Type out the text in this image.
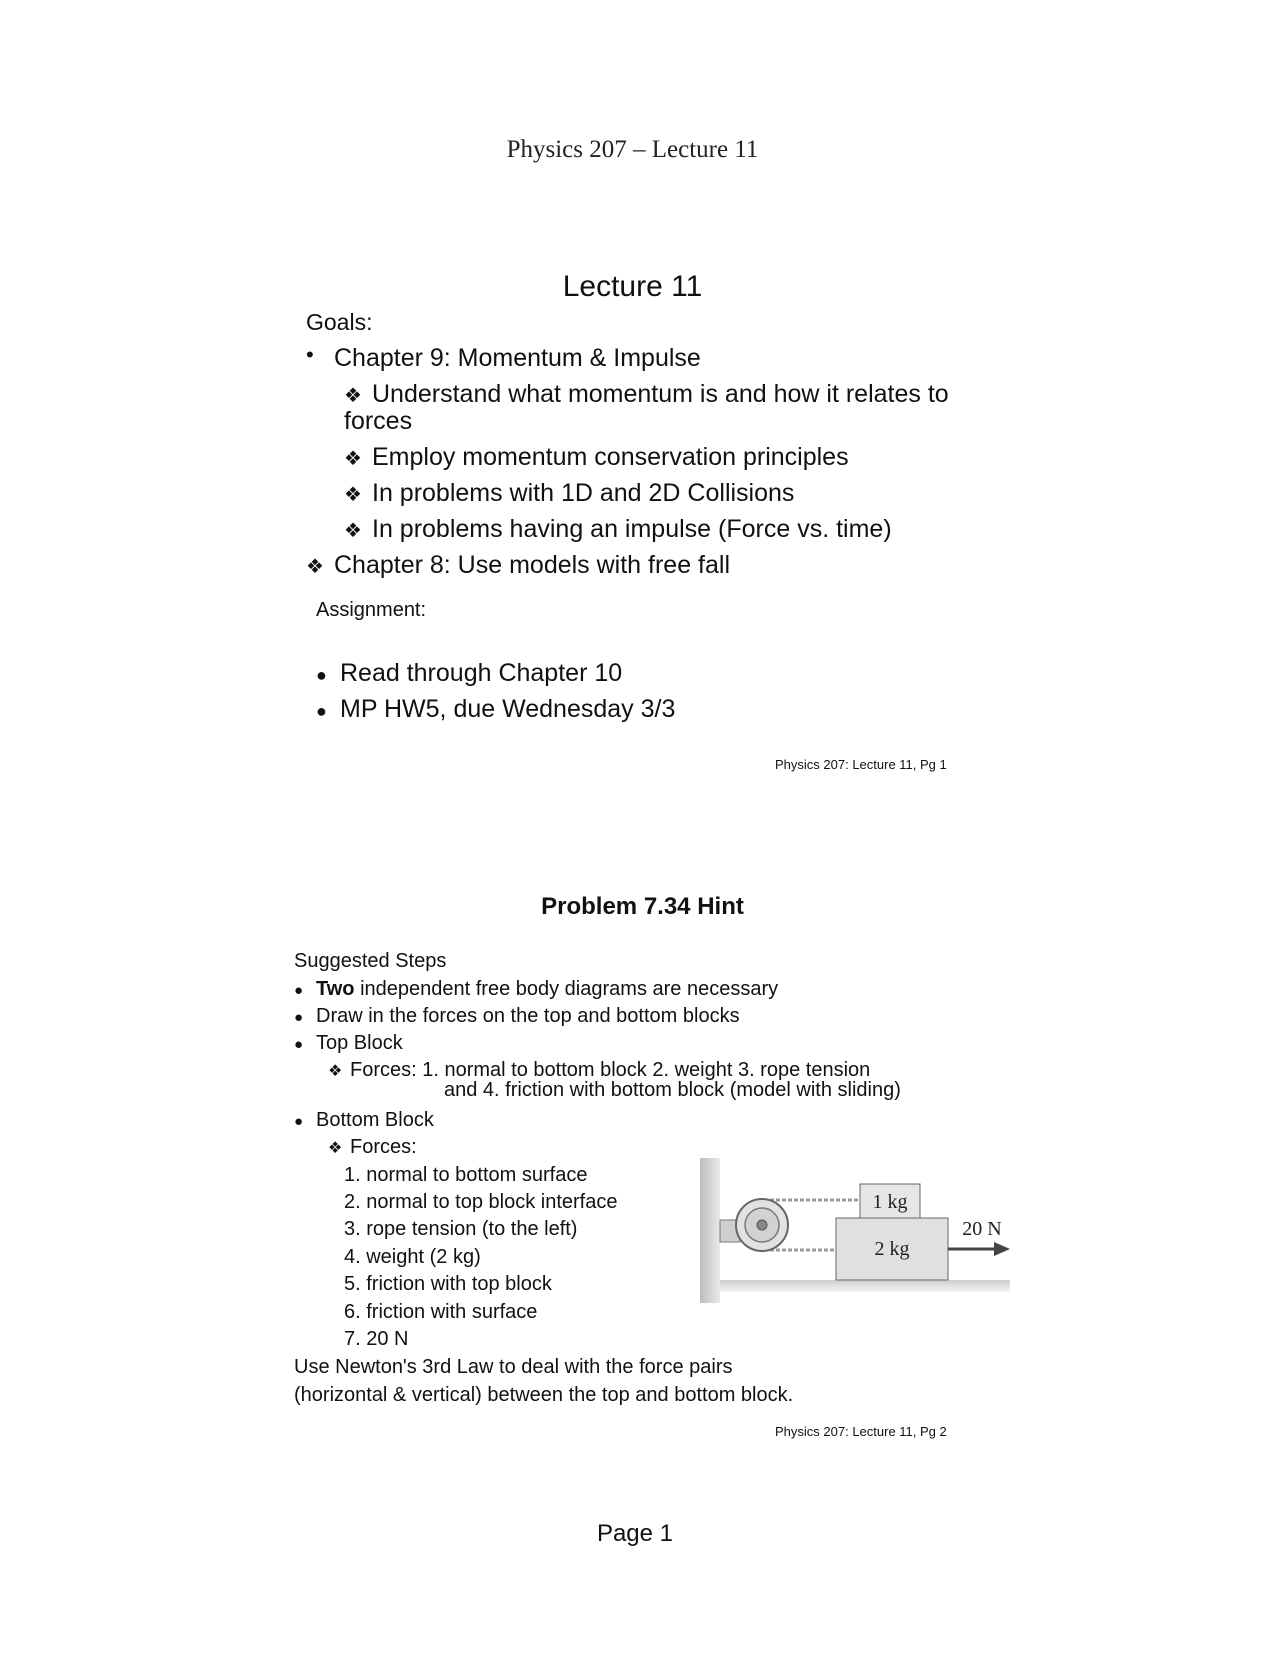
Physics 207 – Lecture 11
Lecture 11
Goals:
• Chapter 9: Momentum & Impulse
❖ Understand what momentum is and how it relates to
forces
❖ Employ momentum conservation principles
❖ In problems with 1D and 2D Collisions
❖ In problems having an impulse (Force vs. time)
❖ Chapter 8: Use models with free fall
Assignment:
● Read through Chapter 10
● MP HW5, due Wednesday 3/3
Physics 207: Lecture 11, Pg 1
Problem 7.34 Hint
Suggested Steps
● Two independent free body diagrams are necessary
● Draw in the forces on the top and bottom blocks
● Top Block
❖ Forces: 1. normal to bottom block 2. weight 3. rope tension
and 4. friction with bottom block (model with sliding)
● Bottom Block
❖ Forces:
1. normal to bottom surface
2. normal to top block interface
3. rope tension (to the left)
4. weight (2 kg)
5. friction with top block
6. friction with surface
7. 20 N
Use Newton's 3rd Law to deal with the force pairs
(horizontal & vertical) between the top and bottom block.
1 kg
2 kg
20 N
Physics 207: Lecture 11, Pg 2
Page 1
